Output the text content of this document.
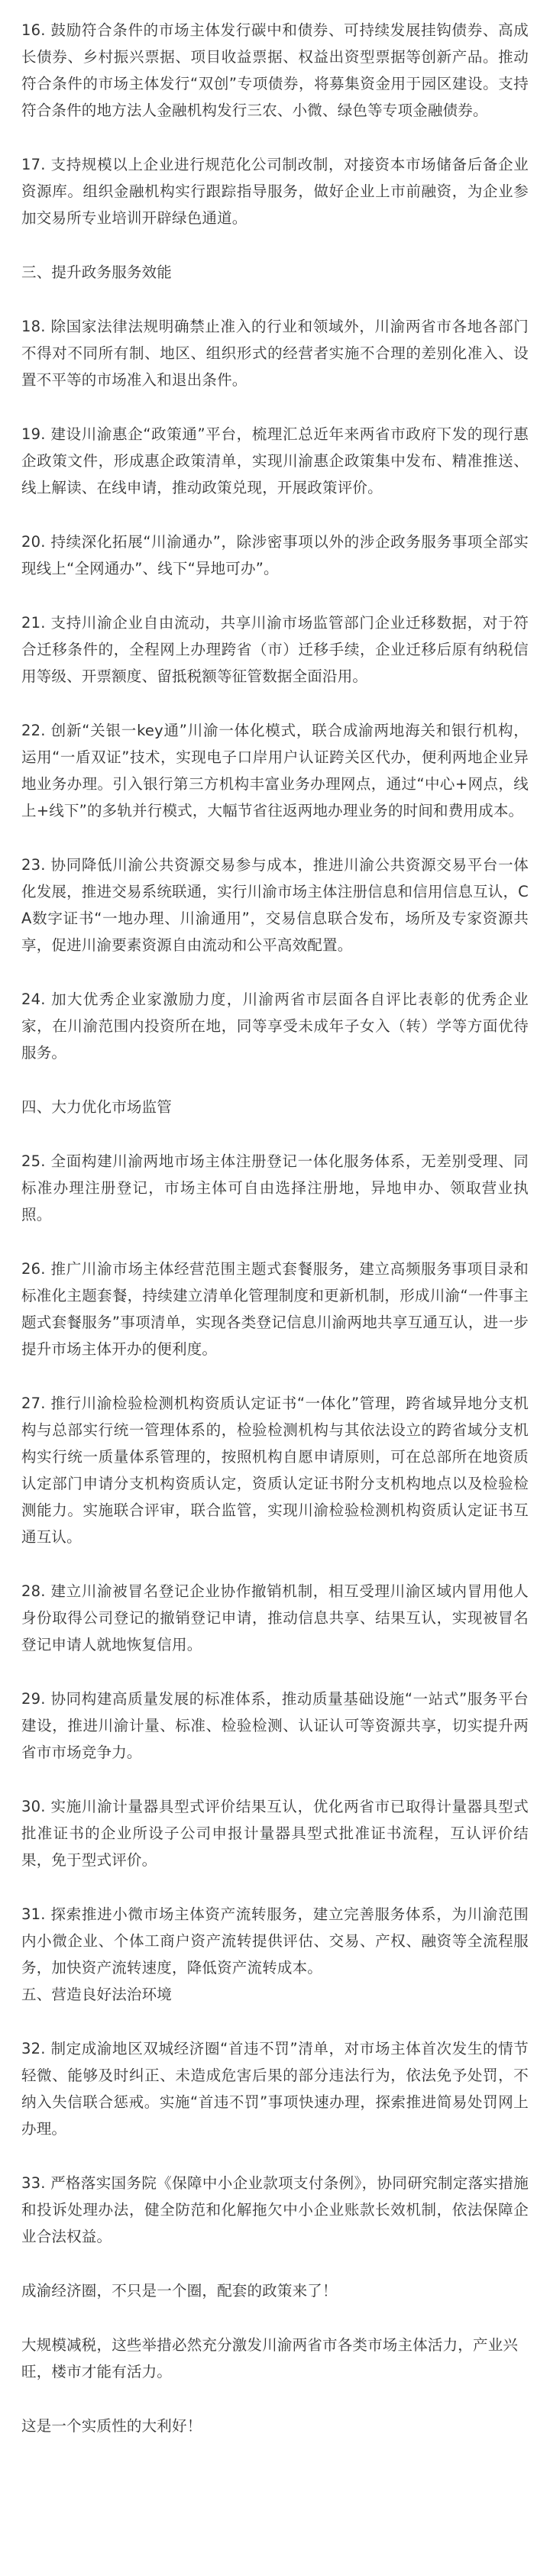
16. 鼓励符合条件的市场主体发行碳中和债券、可持续发展挂钩债券、高成长债券、乡村振兴票据、项目收益票据、权益出资型票据等创新产品。推动符合条件的市场主体发行“双创”专项债券，将募集资金用于园区建设。支持符合条件的地方法人金融机构发行三农、小微、绿色等专项金融债券。

17. 支持规模以上企业进行规范化公司制改制，对接资本市场储备后备企业资源库。组织金融机构实行跟踪指导服务，做好企业上市前融资，为企业参加交易所专业培训开辟绿色通道。

三、提升政务服务效能

18. 除国家法律法规明确禁止准入的行业和领域外，川渝两省市各地各部门不得对不同所有制、地区、组织形式的经营者实施不合理的差别化准入、设置不平等的市场准入和退出条件。

19. 建设川渝惠企“政策通”平台，梳理汇总近年来两省市政府下发的现行惠企政策文件，形成惠企政策清单，实现川渝惠企政策集中发布、精准推送、线上解读、在线申请，推动政策兑现，开展政策评价。

20. 持续深化拓展“川渝通办”，除涉密事项以外的涉企政务服务事项全部实现线上“全网通办”、线下“异地可办”。

21. 支持川渝企业自由流动，共享川渝市场监管部门企业迁移数据，对于符合迁移条件的，全程网上办理跨省（市）迁移手续，企业迁移后原有纳税信用等级、开票额度、留抵税额等征管数据全面沿用。

22. 创新“关银一key通”川渝一体化模式，联合成渝两地海关和银行机构，运用“一盾双证”技术，实现电子口岸用户认证跨关区代办，便利两地企业异地业务办理。引入银行第三方机构丰富业务办理网点，通过“中心+网点，线上+线下”的多轨并行模式，大幅节省往返两地办理业务的时间和费用成本。

23. 协同降低川渝公共资源交易参与成本，推进川渝公共资源交易平台一体化发展，推进交易系统联通，实行川渝市场主体注册信息和信用信息互认，CA数字证书“一地办理、川渝通用”，交易信息联合发布，场所及专家资源共享，促进川渝要素资源自由流动和公平高效配置。

24. 加大优秀企业家激励力度，川渝两省市层面各自评比表彰的优秀企业家，在川渝范围内投资所在地，同等享受未成年子女入（转）学等方面优待服务。

四、大力优化市场监管

25. 全面构建川渝两地市场主体注册登记一体化服务体系，无差别受理、同标准办理注册登记，市场主体可自由选择注册地，异地申办、领取营业执照。

26. 推广川渝市场主体经营范围主题式套餐服务，建立高频服务事项目录和标准化主题套餐，持续建立清单化管理制度和更新机制，形成川渝“一件事主题式套餐服务”事项清单，实现各类登记信息川渝两地共享互通互认，进一步提升市场主体开办的便利度。

27. 推行川渝检验检测机构资质认定证书“一体化”管理，跨省域异地分支机构与总部实行统一管理体系的，检验检测机构与其依法设立的跨省域分支机构实行统一质量体系管理的，按照机构自愿申请原则，可在总部所在地资质认定部门申请分支机构资质认定，资质认定证书附分支机构地点以及检验检测能力。实施联合评审，联合监管，实现川渝检验检测机构资质认定证书互通互认。

28. 建立川渝被冒名登记企业协作撤销机制，相互受理川渝区域内冒用他人身份取得公司登记的撤销登记申请，推动信息共享、结果互认，实现被冒名登记申请人就地恢复信用。

29. 协同构建高质量发展的标准体系，推动质量基础设施“一站式”服务平台建设，推进川渝计量、标准、检验检测、认证认可等资源共享，切实提升两省市市场竞争力。

30. 实施川渝计量器具型式评价结果互认，优化两省市已取得计量器具型式批准证书的企业所设子公司申报计量器具型式批准证书流程，互认评价结果，免于型式评价。

31. 探索推进小微市场主体资产流转服务，建立完善服务体系，为川渝范围内小微企业、个体工商户资产流转提供评估、交易、产权、融资等全流程服务，加快资产流转速度，降低资产流转成本。

五、营造良好法治环境

32. 制定成渝地区双城经济圈“首违不罚”清单，对市场主体首次发生的情节轻微、能够及时纠正、未造成危害后果的部分违法行为，依法免予处罚，不纳入失信联合惩戒。实施“首违不罚”事项快速办理，探索推进简易处罚网上办理。

33. 严格落实国务院《保障中小企业款项支付条例》，协同研究制定落实措施和投诉处理办法，健全防范和化解拖欠中小企业账款长效机制，依法保障企业合法权益。

成渝经济圈，不只是一个圈，配套的政策来了！

大规模减税，这些举措必然充分激发川渝两省市各类市场主体活力，产业兴旺，楼市才能有活力。

这是一个实质性的大利好！
